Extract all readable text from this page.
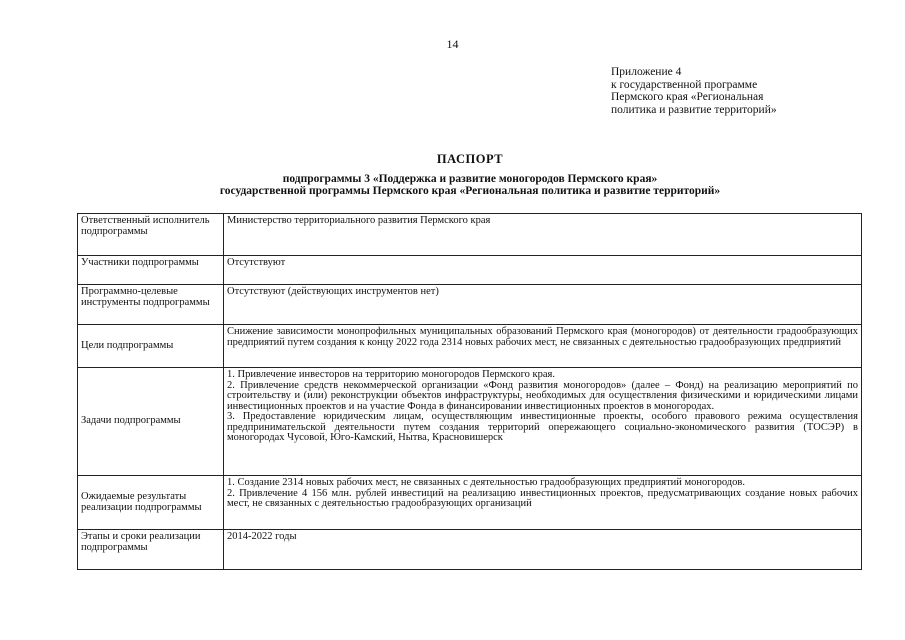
14
Приложение 4
к государственной программе
Пермского края «Региональная
политика и развитие территорий»
ПАСПОРТ
подпрограммы 3 «Поддержка и развитие моногородов Пермского края»
государственной программы Пермского края «Региональная политика и развитие территорий»
Ответственный исполнитель подпрограммы	Министерство территориального развития Пермского края

Участники подпрограммы	Отсутствуют

Программно-целевые инструменты подпрограммы	Отсутствуют (действующих инструментов нет)

Цели подпрограммы	Снижение зависимости монопрофильных муниципальных образований Пермского края (моногородов) от деятельности градообразующих предприятий путем создания к концу 2022 года 2314 новых рабочих мест, не связанных с деятельностью градообразующих предприятий

Задачи подпрограммы	1. Привлечение инвесторов на территорию моногородов Пермского края.
2. Привлечение средств некоммерческой организации «Фонд развития моногородов» (далее – Фонд) на реализацию мероприятий по строительству и (или) реконструкции объектов инфраструктуры, необходимых для осуществления физическими и юридическими лицами инвестиционных проектов и на участие Фонда в финансировании инвестиционных проектов в моногородах.
3. Предоставление юридическим лицам, осуществляющим инвестиционные проекты, особого правового режима осуществления предпринимательской деятельности путем создания территорий опережающего социально-экономического развития (ТОСЭР) в моногородах Чусовой, Юго-Камский, Нытва, Красновишерск

Ожидаемые результаты реализации подпрограммы	1. Создание 2314 новых рабочих мест, не связанных с деятельностью градообразующих предприятий моногородов.
2. Привлечение 4 156 млн. рублей инвестиций на реализацию инвестиционных проектов, предусматривающих создание новых рабочих мест, не связанных с деятельностью градообразующих организаций

Этапы и сроки реализации подпрограммы	2014-2022 годы
